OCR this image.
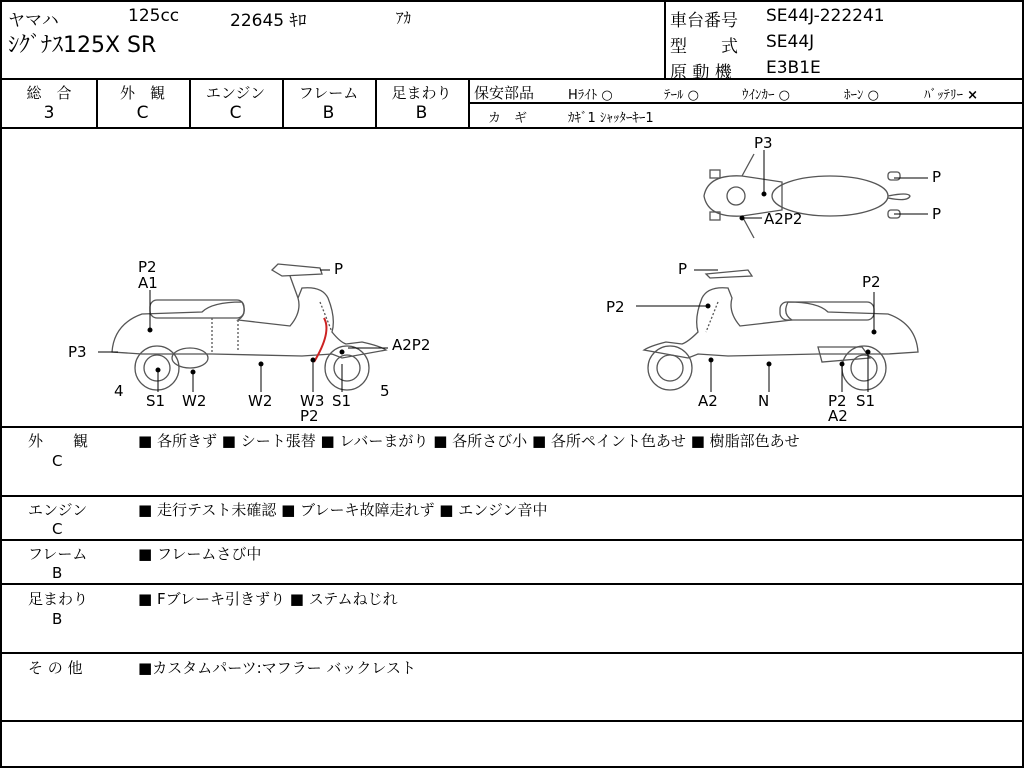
ヤマハ	125cc	22645 ｷﾛ	ｱｶ
ｼｸﾞﾅｽ125X SR
車台番号 SE44J-222241
型　　式 SE44J
原 動 機 E3B1E
総　合	外　観	エンジン	フレーム	足まわり
3	C	C	B	B
保安部品	Hﾗｲﾄ ○	ﾃｰﾙ ○	ｳｲﾝｶｰ ○	ﾎｰﾝ ○	ﾊﾞｯﾃﾘｰ ×
カ　ギ	ｶｷﾞ1 ｼｬｯﾀｰｷｰ1
P2
A1
P
P3	A2P2
4	5
S1 W2	W2 W3 S1
P2
P
P2
P2
A2	N	P2 S1
A2
P3
P
P
A2P2
外　　観
C
■ 各所きず ■ シート張替 ■ レバーまがり ■ 各所さび小 ■ 各所ペイント色あせ ■ 樹脂部色あせ
エンジン
C
■ 走行テスト未確認 ■ ブレーキ故障走れず ■ エンジン音中
フレーム
B
■ フレームさび中
足まわり
B
■ Fブレーキ引きずり ■ ステムねじれ
そ の 他	■カスタムパーツ:マフラー バックレスト
